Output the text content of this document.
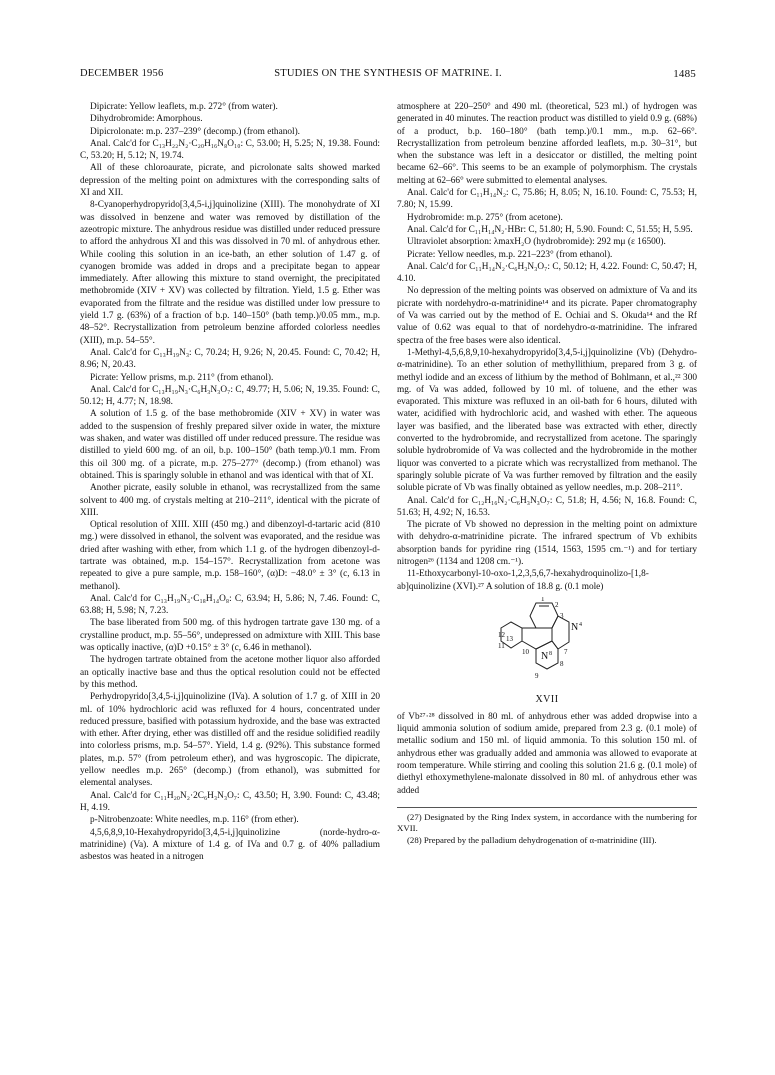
DECEMBER 1956	STUDIES ON THE SYNTHESIS OF MATRINE. I.	1485

Dipicrate: Yellow leaflets, m.p. 272° (from water).

Dihydrobromide: Amorphous.

Dipicrolonate: m.p. 237–239° (decomp.) (from ethanol).

Anal. Calc'd for C₁₃H₂₂N₂·C₂₀H₁₆N₈O₁₀: C, 53.00; H, 5.25; N, 19.38. Found: C, 53.20; H, 5.12; N, 19.74.

All of these chloroaurate, picrate, and picrolonate salts showed marked depression of the melting point on admixtures with the corresponding salts of XI and XII.

8-Cyanoperhydropyrido[3,4,5-i,j]quinolizine (XIII). The monohydrate of XI was dissolved in benzene and water was removed by distillation of the azeotropic mixture. The anhydrous residue was distilled under reduced pressure to afford the anhydrous XI and this was dissolved in 70 ml. of anhydrous ether. While cooling this solution in an ice-bath, an ether solution of 1.47 g. of cyanogen bromide was added in drops and a precipitate began to appear immediately. After allowing this mixture to stand overnight, the precipitated methobromide (XIV + XV) was collected by filtration. Yield, 1.5 g. Ether was evaporated from the filtrate and the residue was distilled under low pressure to yield 1.7 g. (63%) of a fraction of b.p. 140–150° (bath temp.)/0.05 mm., m.p. 48–52°. Recrystallization from petroleum benzine afforded colorless needles (XIII), m.p. 54–55°.

Anal. Calc'd for C₁₃H₁₉N₃: C, 70.24; H, 9.26; N, 20.45. Found: C, 70.42; H, 8.96; N, 20.43.

Picrate: Yellow prisms, m.p. 211° (from ethanol).

Anal. Calc'd for C₁₃H₁₉N₃·C₆H₃N₃O₇: C, 49.77; H, 5.06; N, 19.35. Found: C, 50.12; H, 4.77; N, 18.98.

A solution of 1.5 g. of the base methobromide (XIV + XV) in water was added to the suspension of freshly prepared silver oxide in water, the mixture was shaken, and water was distilled off under reduced pressure. The residue was distilled to yield 600 mg. of an oil, b.p. 100–150° (bath temp.)/0.1 mm. From this oil 300 mg. of a picrate, m.p. 275–277° (decomp.) (from ethanol) was obtained. This is sparingly soluble in ethanol and was identical with that of XI.

Another picrate, easily soluble in ethanol, was recrystallized from the same solvent to 400 mg. of crystals melting at 210–211°, identical with the picrate of XIII.

Optical resolution of XIII. XIII (450 mg.) and dibenzoyl-d-tartaric acid (810 mg.) were dissolved in ethanol, the solvent was evaporated, and the residue was dried after washing with ether, from which 1.1 g. of the hydrogen dibenzoyl-d-tartrate was obtained, m.p. 154–157°. Recrystallization from acetone was repeated to give a pure sample, m.p. 158–160°, (α)D: −48.0° ± 3° (c, 6.13 in methanol).

Anal. Calc'd for C₁₃H₁₉N₃·C₁₈H₁₄O₈: C, 63.94; H, 5.86; N, 7.46. Found: C, 63.88; H, 5.98; N, 7.23.

The base liberated from 500 mg. of this hydrogen tartrate gave 130 mg. of a crystalline product, m.p. 55–56°, undepressed on admixture with XIII. This base was optically inactive, (α)D +0.15° ± 3° (c, 6.46 in methanol).

The hydrogen tartrate obtained from the acetone mother liquor also afforded an optically inactive base and thus the optical resolution could not be effected by this method.

Perhydropyrido[3,4,5-i,j]quinolizine (IVa). A solution of 1.7 g. of XIII in 20 ml. of 10% hydrochloric acid was refluxed for 4 hours, concentrated under reduced pressure, basified with potassium hydroxide, and the base was extracted with ether. After drying, ether was distilled off and the residue solidified readily into colorless prisms, m.p. 54–57°. Yield, 1.4 g. (92%). This substance formed plates, m.p. 57° (from petroleum ether), and was hygroscopic. The dipicrate, yellow needles m.p. 265° (decomp.) (from ethanol), was submitted for elemental analyses.

Anal. Calc'd for C₁₁H₂₀N₂·2C₆H₃N₃O₇: C, 43.50; H, 3.90. Found: C, 43.48; H, 4.19.

p-Nitrobenzoate: White needles, m.p. 116° (from ether).

4,5,6,8,9,10-Hexahydropyrido[3,4,5-i,j]quinolizine (norde-hydro-α-matrinidine) (Va). A mixture of 1.4 g. of IVa and 0.7 g. of 40% palladium asbestos was heated in a nitrogen

atmosphere at 220–250° and 490 ml. (theoretical, 523 ml.) of hydrogen was generated in 40 minutes. The reaction product was distilled to yield 0.9 g. (68%) of a product, b.p. 160–180° (bath temp.)/0.1 mm., m.p. 62–66°. Recrystallization from petroleum benzine afforded leaflets, m.p. 30–31°, but when the substance was left in a desiccator or distilled, the melting point became 62–66°. This seems to be an example of polymorphism. The crystals melting at 62–66° were submitted to elemental analyses.

Anal. Calc'd for C₁₁H₁₄N₂: C, 75.86; H, 8.05; N, 16.10. Found: C, 75.53; H, 7.80; N, 15.99.

Hydrobromide: m.p. 275° (from acetone).

Anal. Calc'd for C₁₁H₁₄N₂·HBr: C, 51.80; H, 5.90. Found: C, 51.55; H, 5.95.

Ultraviolet absorption: λmaxH₂O (hydrobromide): 292 mμ (ε 16500).

Picrate: Yellow needles, m.p. 221–223° (from ethanol).

Anal. Calc'd for C₁₁H₁₄N₂·C₆H₃N₃O₇: C, 50.12; H, 4.22. Found: C, 50.47; H, 4.10.

No depression of the melting points was observed on admixture of Va and its picrate with nordehydro-α-matrinidine¹⁴ and its picrate. Paper chromatography of Va was carried out by the method of E. Ochiai and S. Okuda¹⁴ and the Rf value of 0.62 was equal to that of nordehydro-α-matrinidine. The infrared spectra of the free bases were also identical.

1-Methyl-4,5,6,8,9,10-hexahydropyrido[3,4,5-i,j]quinolizine (Vb) (Dehydro-α-matrinidine). To an ether solution of methyllithium, prepared from 3 g. of methyl iodide and an excess of lithium by the method of Bohlmann, et al.,²² 300 mg. of Va was added, followed by 10 ml. of toluene, and the ether was evaporated. This mixture was refluxed in an oil-bath for 6 hours, diluted with water, acidified with hydrochloric acid, and washed with ether. The aqueous layer was basified, and the liberated base was extracted with ether, directly converted to the hydrobromide, and recrystallized from acetone. The sparingly soluble hydrobromide of Va was collected and the hydrobromide in the mother liquor was converted to a picrate which was recrystallized from methanol. The sparingly soluble picrate of Va was further removed by filtration and the easily soluble picrate of Vb was finally obtained as yellow needles, m.p. 208–211°.

Anal. Calc'd for C₁₂H₁₆N₂·C₆H₃N₃O₇: C, 51.8; H, 4.56; N, 16.8. Found: C, 51.63; H, 4.92; N, 16.53.

The picrate of Vb showed no depression in the melting point on admixture with dehydro-α-matrinidine picrate. The infrared spectrum of Vb exhibits absorption bands for pyridine ring (1514, 1563, 1595 cm.⁻¹) and for tertiary nitrogen²⁶ (1134 and 1208 cm.⁻¹).

11-Ethoxycarbonyl-10-oxo-1,2,3,5,6,7-hexahydroquinolizo-[1,8-ab]quinolizine (XVI).²⁷ A solution of 18.8 g. (0.1 mole)

1
2
3
7
8
9
10
11
12 13
N 4
N 8
XVII

of Vb²⁷·²⁸ dissolved in 80 ml. of anhydrous ether was added dropwise into a liquid ammonia solution of sodium amide, prepared from 2.3 g. (0.1 mole) of metallic sodium and 150 ml. of liquid ammonia. To this solution 150 ml. of anhydrous ether was gradually added and ammonia was allowed to evaporate at room temperature. While stirring and cooling this solution 21.6 g. (0.1 mole) of diethyl ethoxymethylene-malonate dissolved in 80 ml. of anhydrous ether was added

(27) Designated by the Ring Index system, in accordance with the numbering for XVII.

(28) Prepared by the palladium dehydrogenation of α-matrinidine (III).
